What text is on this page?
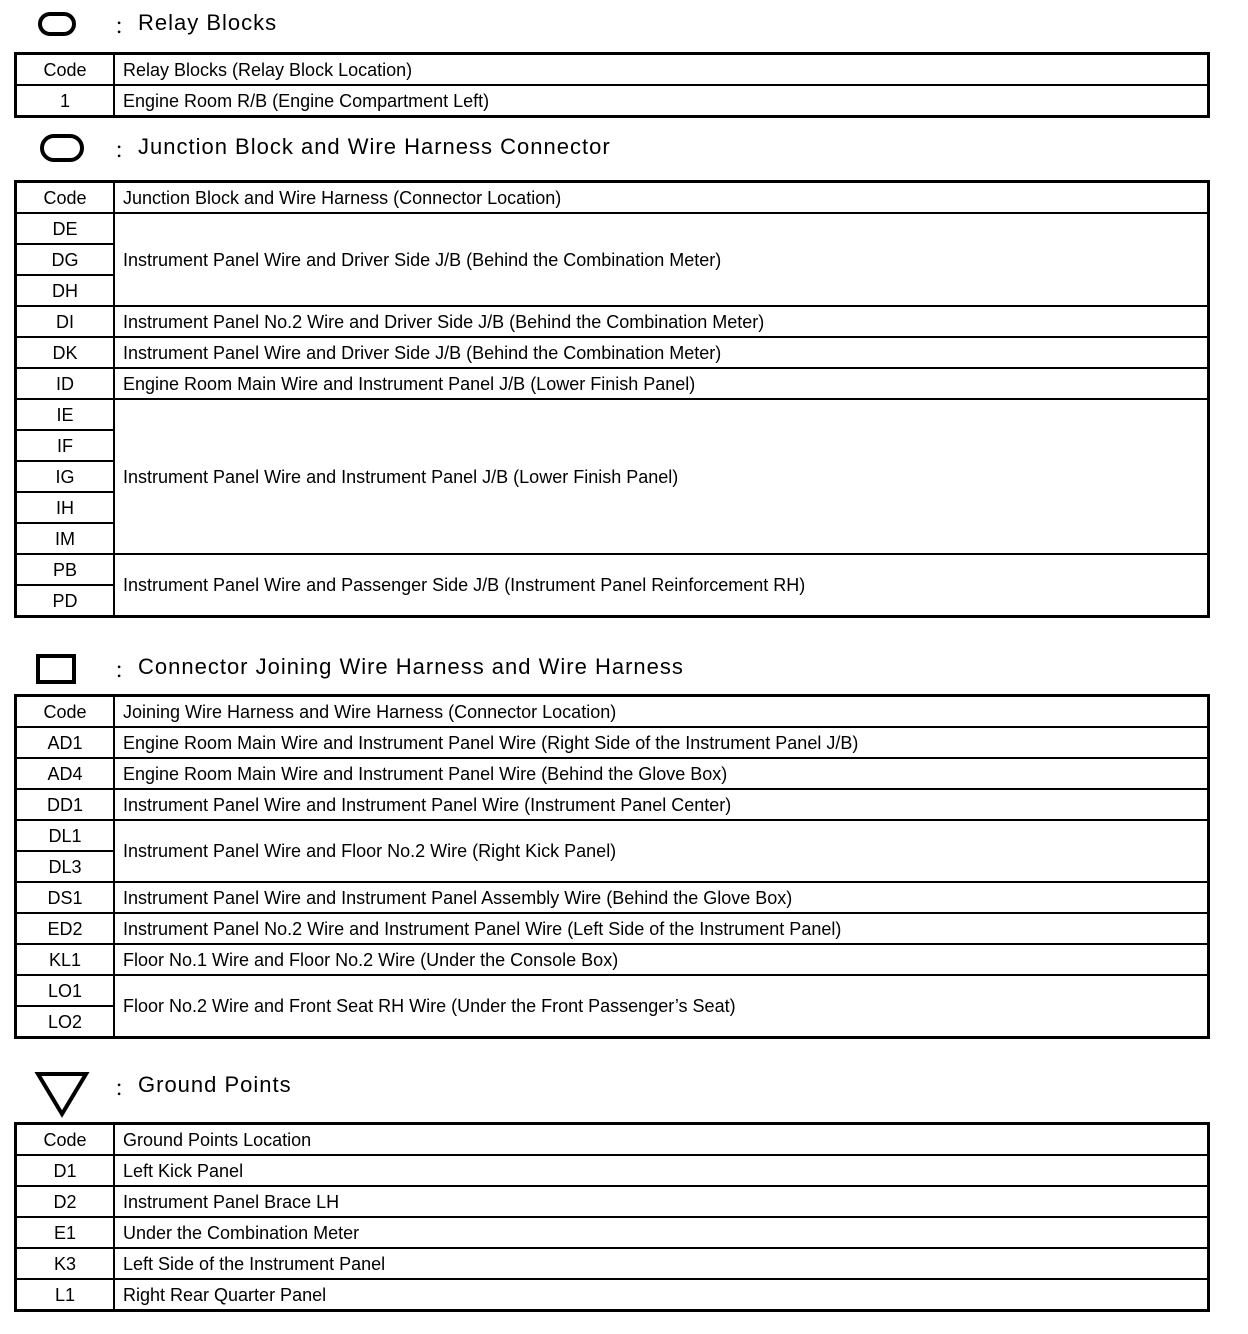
： Relay Blocks
Code	Relay Blocks (Relay Block Location)
1	Engine Room R/B (Engine Compartment Left)
： Junction Block and Wire Harness Connector
Code	Junction Block and Wire Harness (Connector Location)
DE	Instrument Panel Wire and Driver Side J/B (Behind the Combination Meter)
DG	
DH	
DI	Instrument Panel No.2 Wire and Driver Side J/B (Behind the Combination Meter)
DK	Instrument Panel Wire and Driver Side J/B (Behind the Combination Meter)
ID	Engine Room Main Wire and Instrument Panel J/B (Lower Finish Panel)
IE	Instrument Panel Wire and Instrument Panel J/B (Lower Finish Panel)
IF	
IG	
IH	
IM	
PB	Instrument Panel Wire and Passenger Side J/B (Instrument Panel Reinforcement RH)
PD	
： Connector Joining Wire Harness and Wire Harness
Code	Joining Wire Harness and Wire Harness (Connector Location)
AD1	Engine Room Main Wire and Instrument Panel Wire (Right Side of the Instrument Panel J/B)
AD4	Engine Room Main Wire and Instrument Panel Wire (Behind the Glove Box)
DD1	Instrument Panel Wire and Instrument Panel Wire (Instrument Panel Center)
DL1	Instrument Panel Wire and Floor No.2 Wire (Right Kick Panel)
DL3	
DS1	Instrument Panel Wire and Instrument Panel Assembly Wire (Behind the Glove Box)
ED2	Instrument Panel No.2 Wire and Instrument Panel Wire (Left Side of the Instrument Panel)
KL1	Floor No.1 Wire and Floor No.2 Wire (Under the Console Box)
LO1	Floor No.2 Wire and Front Seat RH Wire (Under the Front Passenger’s Seat)
LO2	
： Ground Points
Code	Ground Points Location
D1	Left Kick Panel
D2	Instrument Panel Brace LH
E1	Under the Combination Meter
K3	Left Side of the Instrument Panel
L1	Right Rear Quarter Panel
